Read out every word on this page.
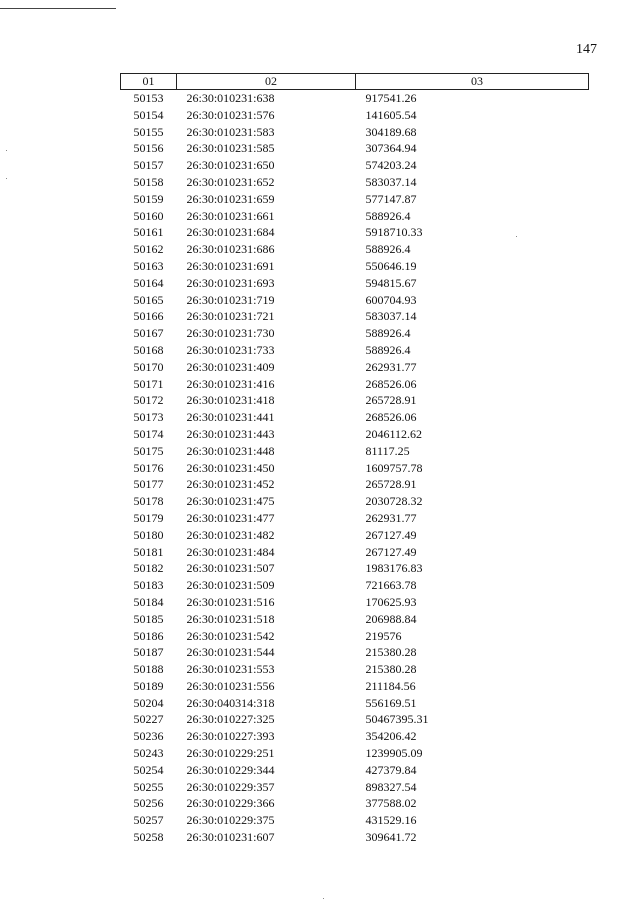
147
01	02	03
50153	26:30:010231:638	917541.26
50154	26:30:010231:576	141605.54
50155	26:30:010231:583	304189.68
50156	26:30:010231:585	307364.94
50157	26:30:010231:650	574203.24
50158	26:30:010231:652	583037.14
50159	26:30:010231:659	577147.87
50160	26:30:010231:661	588926.4
50161	26:30:010231:684	5918710.33
50162	26:30:010231:686	588926.4
50163	26:30:010231:691	550646.19
50164	26:30:010231:693	594815.67
50165	26:30:010231:719	600704.93
50166	26:30:010231:721	583037.14
50167	26:30:010231:730	588926.4
50168	26:30:010231:733	588926.4
50170	26:30:010231:409	262931.77
50171	26:30:010231:416	268526.06
50172	26:30:010231:418	265728.91
50173	26:30:010231:441	268526.06
50174	26:30:010231:443	2046112.62
50175	26:30:010231:448	81117.25
50176	26:30:010231:450	1609757.78
50177	26:30:010231:452	265728.91
50178	26:30:010231:475	2030728.32
50179	26:30:010231:477	262931.77
50180	26:30:010231:482	267127.49
50181	26:30:010231:484	267127.49
50182	26:30:010231:507	1983176.83
50183	26:30:010231:509	721663.78
50184	26:30:010231:516	170625.93
50185	26:30:010231:518	206988.84
50186	26:30:010231:542	219576
50187	26:30:010231:544	215380.28
50188	26:30:010231:553	215380.28
50189	26:30:010231:556	211184.56
50204	26:30:040314:318	556169.51
50227	26:30:010227:325	50467395.31
50236	26:30:010227:393	354206.42
50243	26:30:010229:251	1239905.09
50254	26:30:010229:344	427379.84
50255	26:30:010229:357	898327.54
50256	26:30:010229:366	377588.02
50257	26:30:010229:375	431529.16
50258	26:30:010231:607	309641.72
